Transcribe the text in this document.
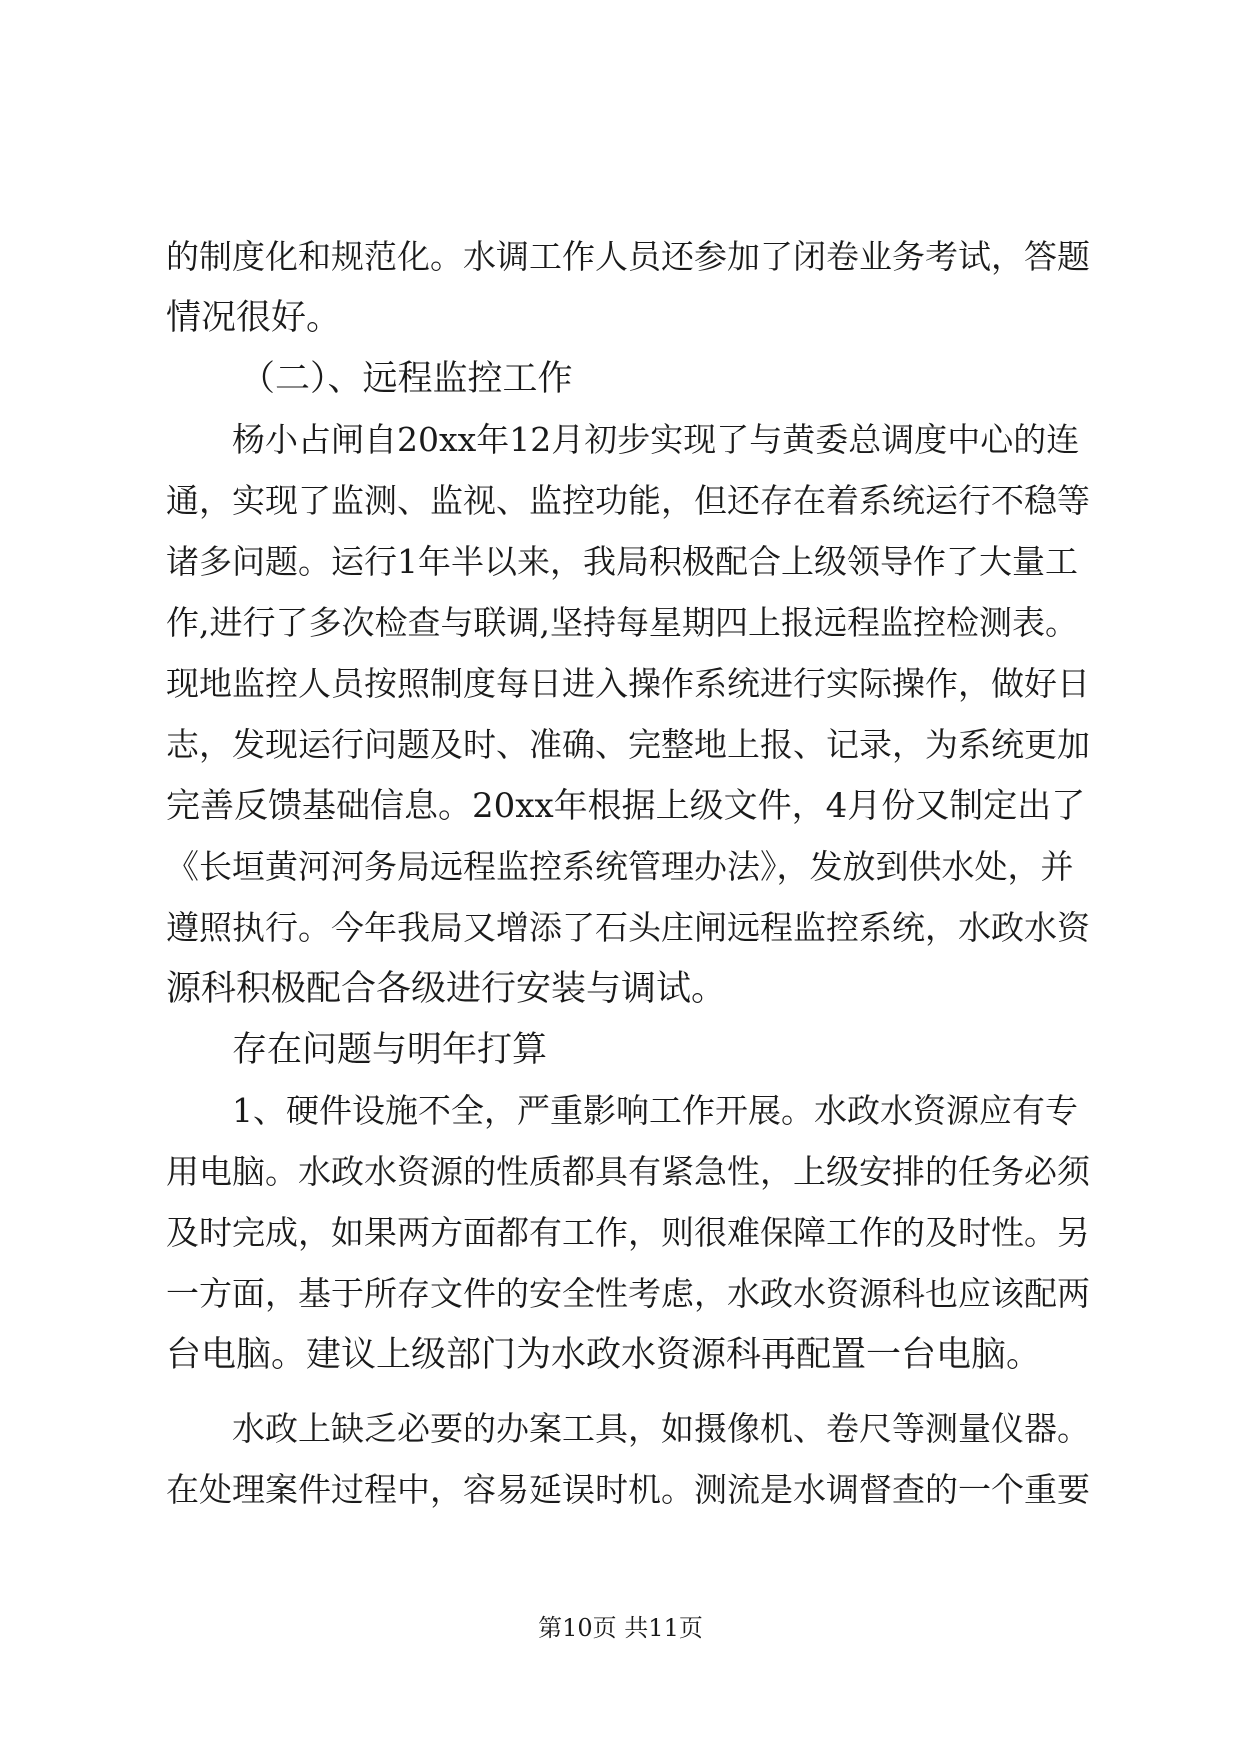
的制度化和规范化。水调工作人员还参加了闭卷业务考试，答题

情况很好。

（二）、远程监控工作

杨小占闸自20xx年12月初步实现了与黄委总调度中心的连

通，实现了监测、监视、监控功能，但还存在着系统运行不稳等

诸多问题。运行1年半以来，我局积极配合上级领导作了大量工

作,进行了多次检查与联调,坚持每星期四上报远程监控检测表。

现地监控人员按照制度每日进入操作系统进行实际操作，做好日

志，发现运行问题及时、准确、完整地上报、记录，为系统更加

完善反馈基础信息。20xx年根据上级文件，4月份又制定出了

《长垣黄河河务局远程监控系统管理办法》，发放到供水处，并

遵照执行。今年我局又增添了石头庄闸远程监控系统，水政水资

源科积极配合各级进行安装与调试。

存在问题与明年打算

1、硬件设施不全，严重影响工作开展。水政水资源应有专

用电脑。水政水资源的性质都具有紧急性，上级安排的任务必须

及时完成，如果两方面都有工作，则很难保障工作的及时性。另

一方面，基于所存文件的安全性考虑，水政水资源科也应该配两

台电脑。建议上级部门为水政水资源科再配置一台电脑。

水政上缺乏必要的办案工具，如摄像机、卷尺等测量仪器。

在处理案件过程中，容易延误时机。测流是水调督查的一个重要

第10页 共11页
